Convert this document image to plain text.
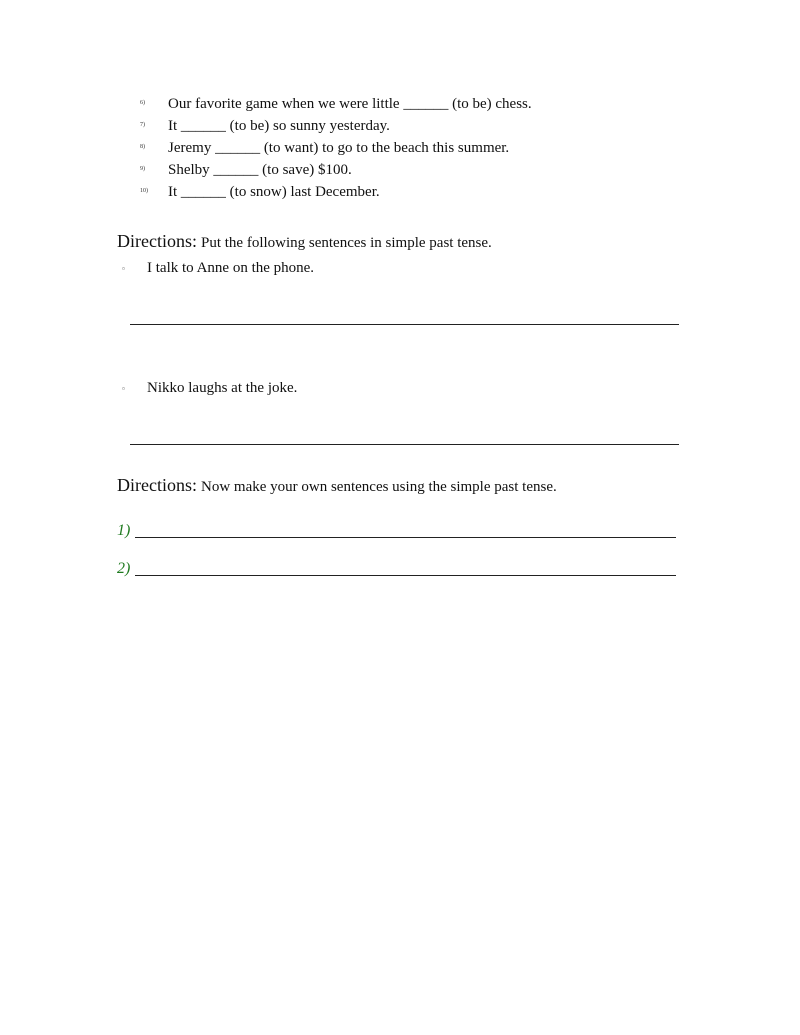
6)	Our favorite game when we were little ______ (to be) chess.
7)	It ______ (to be) so sunny yesterday.
8)	Jeremy ______ (to want) to go to the beach this summer.
9)	Shelby ______ (to save) $100.
10)	It ______ (to snow) last December.
Directions: Put the following sentences in simple past tense.
▫ I talk to Anne on the phone.
▫ Nikko laughs at the joke.
Directions: Now make your own sentences using the simple past tense.
1)
2)
